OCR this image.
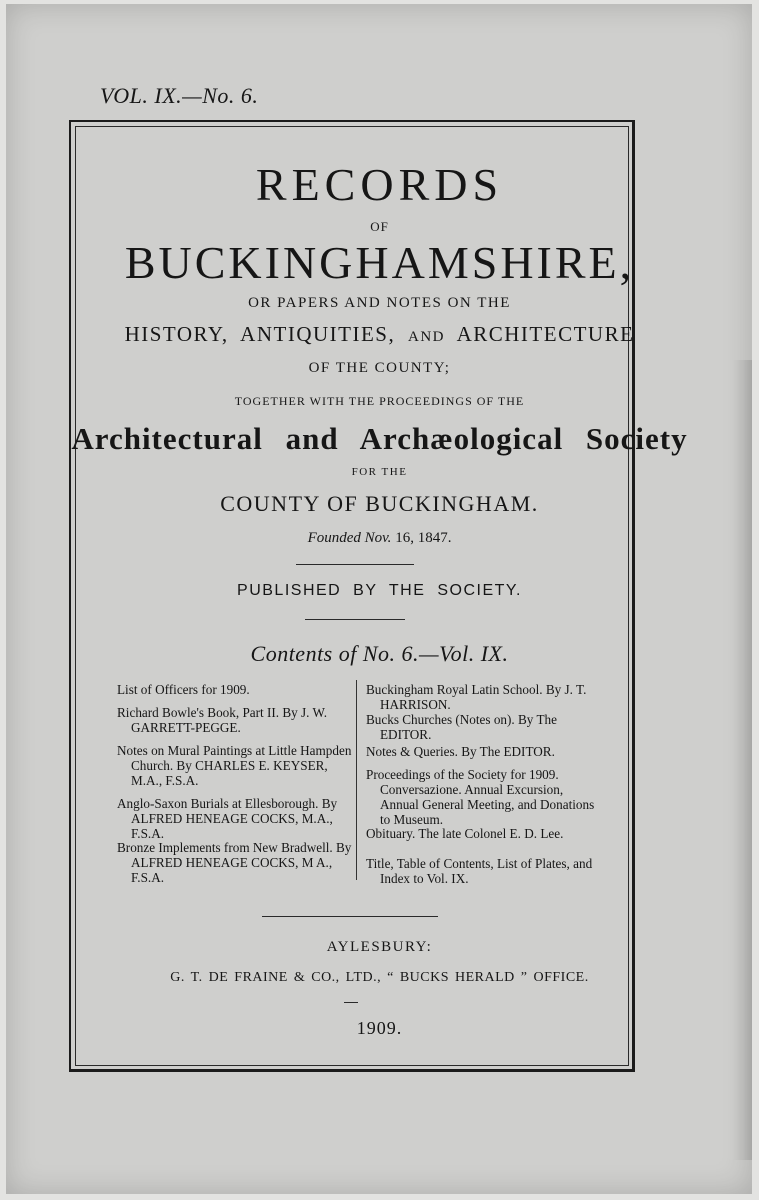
VOL. IX.—No. 6.
RECORDS
OF
BUCKINGHAMSHIRE,
OR PAPERS AND NOTES ON THE
HISTORY, ANTIQUITIES, AND ARCHITECTURE
OF THE COUNTY;
TOGETHER WITH THE PROCEEDINGS OF THE
Architectural and Archæological Society
FOR THE
COUNTY OF BUCKINGHAM.
Founded Nov. 16, 1847.
PUBLISHED BY THE SOCIETY.
Contents of No. 6.—Vol. IX.
List of Officers for 1909.
Richard Bowle's Book, Part II. By J. W. GARRETT-PEGGE.
Notes on Mural Paintings at Little Hampden Church. By CHARLES E. KEYSER, M.A., F.S.A.
Anglo-Saxon Burials at Ellesborough. By ALFRED HENEAGE COCKS, M.A., F.S.A.
Bronze Implements from New Bradwell. By ALFRED HENEAGE COCKS, M A., F.S.A.
Buckingham Royal Latin School. By J. T. HARRISON.
Bucks Churches (Notes on). By The EDITOR.
Notes & Queries. By The EDITOR.
Proceedings of the Society for 1909. Conversazione. Annual Excursion, Annual General Meeting, and Donations to Museum.
Obituary. The late Colonel E. D. Lee.
Title, Table of Contents, List of Plates, and Index to Vol. IX.
AYLESBURY:
G. T. DE FRAINE & CO., LTD., “ BUCKS HERALD ” OFFICE.
1909.
